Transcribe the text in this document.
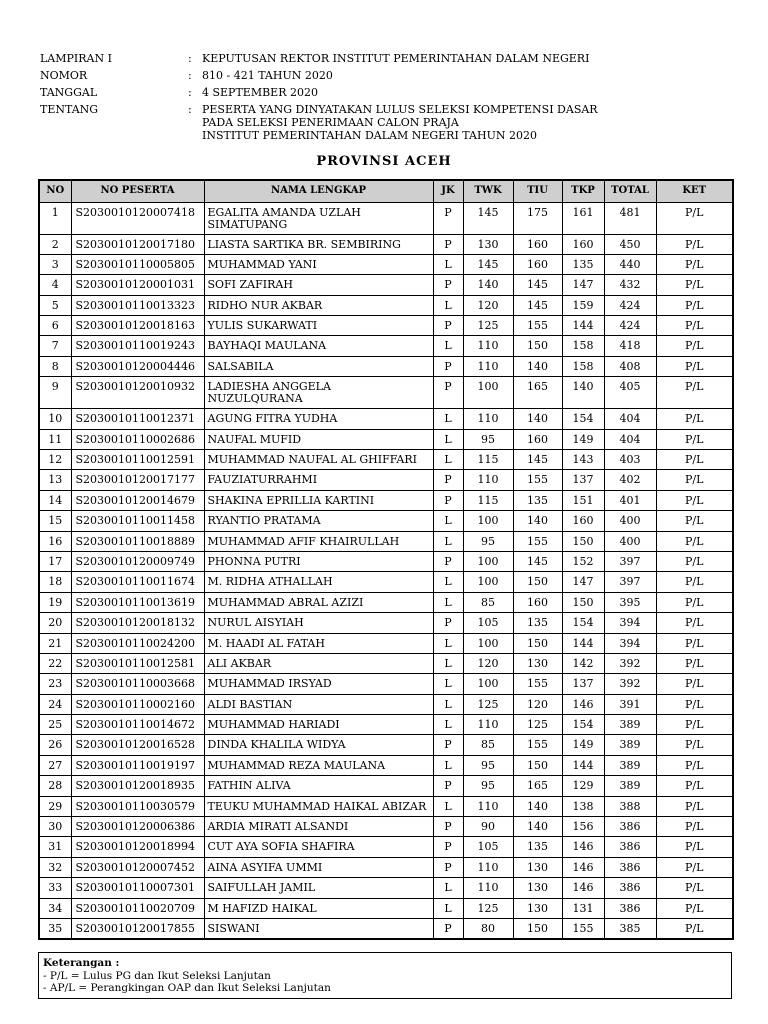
LAMPIRAN I	: KEPUTUSAN REKTOR INSTITUT PEMERINTAHAN DALAM NEGERI
NOMOR	: 810 - 421 TAHUN 2020
TANGGAL	: 4 SEPTEMBER 2020
TENTANG	: PESERTA YANG DINYATAKAN LULUS SELEKSI KOMPETENSI DASAR
PADA SELEKSI PENERIMAAN CALON PRAJA
INSTITUT PEMERINTAHAN DALAM NEGERI TAHUN 2020
PROVINSI ACEH
NO	NO PESERTA	NAMA LENGKAP	JK	TWK	TIU	TKP	TOTAL	KET
1	S2030010120007418	EGALITA AMANDA UZLAH SIMATUPANG	P	145	175	161	481	P/L
2	S2030010120017180	LIASTA SARTIKA BR. SEMBIRING	P	130	160	160	450	P/L
3	S2030010110005805	MUHAMMAD YANI	L	145	160	135	440	P/L
4	S2030010120001031	SOFI ZAFIRAH	P	140	145	147	432	P/L
5	S2030010110013323	RIDHO NUR AKBAR	L	120	145	159	424	P/L
6	S2030010120018163	YULIS SUKARWATI	P	125	155	144	424	P/L
7	S2030010110019243	BAYHAQI MAULANA	L	110	150	158	418	P/L
8	S2030010120004446	SALSABILA	P	110	140	158	408	P/L
9	S2030010120010932	LADIESHA ANGGELA NUZULQURANA	P	100	165	140	405	P/L
10	S2030010110012371	AGUNG FITRA YUDHA	L	110	140	154	404	P/L
11	S2030010110002686	NAUFAL MUFID	L	95	160	149	404	P/L
12	S2030010110012591	MUHAMMAD NAUFAL AL GHIFFARI	L	115	145	143	403	P/L
13	S2030010120017177	FAUZIATURRAHMI	P	110	155	137	402	P/L
14	S2030010120014679	SHAKINA EPRILLIA KARTINI	P	115	135	151	401	P/L
15	S2030010110011458	RYANTIO PRATAMA	L	100	140	160	400	P/L
16	S2030010110018889	MUHAMMAD AFIF KHAIRULLAH	L	95	155	150	400	P/L
17	S2030010120009749	PHONNA PUTRI	P	100	145	152	397	P/L
18	S2030010110011674	M. RIDHA ATHALLAH	L	100	150	147	397	P/L
19	S2030010110013619	MUHAMMAD ABRAL AZIZI	L	85	160	150	395	P/L
20	S2030010120018132	NURUL AISYIAH	P	105	135	154	394	P/L
21	S2030010110024200	M. HAADI AL FATAH	L	100	150	144	394	P/L
22	S2030010110012581	ALI AKBAR	L	120	130	142	392	P/L
23	S2030010110003668	MUHAMMAD IRSYAD	L	100	155	137	392	P/L
24	S2030010110002160	ALDI BASTIAN	L	125	120	146	391	P/L
25	S2030010110014672	MUHAMMAD HARIADI	L	110	125	154	389	P/L
26	S2030010120016528	DINDA KHALILA WIDYA	P	85	155	149	389	P/L
27	S2030010110019197	MUHAMMAD REZA MAULANA	L	95	150	144	389	P/L
28	S2030010120018935	FATHIN ALIVA	P	95	165	129	389	P/L
29	S2030010110030579	TEUKU MUHAMMAD HAIKAL ABIZAR	L	110	140	138	388	P/L
30	S2030010120006386	ARDIA MIRATI ALSANDI	P	90	140	156	386	P/L
31	S2030010120018994	CUT AYA SOFIA SHAFIRA	P	105	135	146	386	P/L
32	S2030010120007452	AINA ASYIFA UMMI	P	110	130	146	386	P/L
33	S2030010110007301	SAIFULLAH JAMIL	L	110	130	146	386	P/L
34	S2030010110020709	M HAFIZD HAIKAL	L	125	130	131	386	P/L
35	S2030010120017855	SISWANI	P	80	150	155	385	P/L
Keterangan :
- P/L = Lulus PG dan Ikut Seleksi Lanjutan
- AP/L = Perangkingan OAP dan Ikut Seleksi Lanjutan
